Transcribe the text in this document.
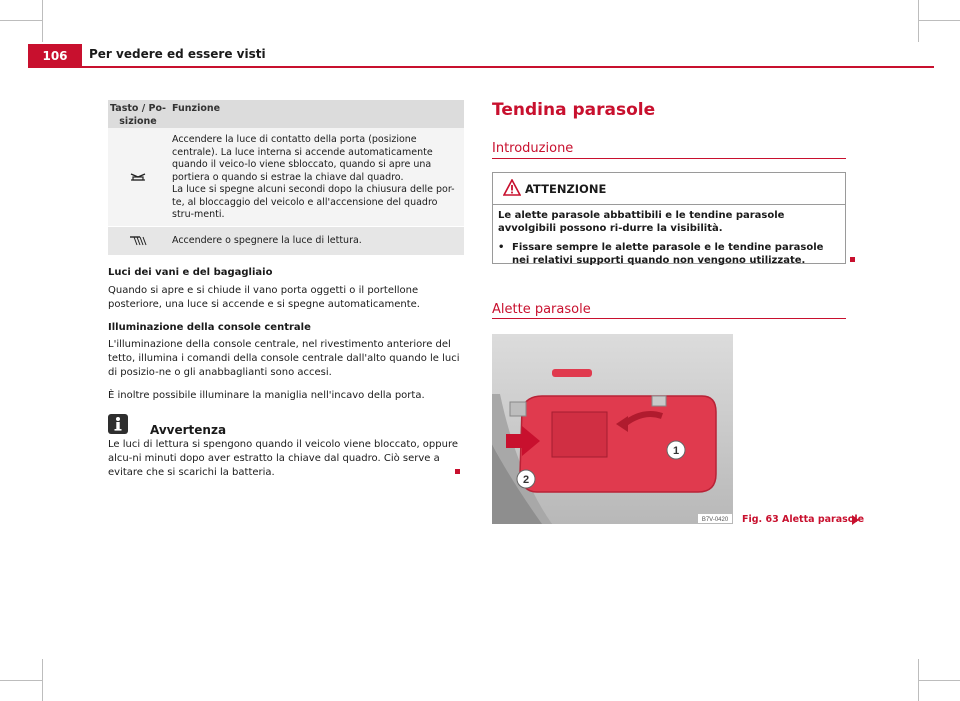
106	Per vedere ed essere visti
Tasto / Po-
sizione
Funzione
Accendere la luce di contatto della porta (posizione centrale). La luce interna si accende automaticamente quando il veico-lo viene sbloccato, quando si apre una portiera o quando si estrae la chiave dal quadro.
La luce si spegne alcuni secondi dopo la chiusura delle por-te, al bloccaggio del veicolo e all'accensione del quadro stru-menti.
Accendere o spegnere la luce di lettura.
Luci dei vani e del bagagliaio
Quando si apre e si chiude il vano porta oggetti o il portellone posteriore, una luce si accende e si spegne automaticamente.
Illuminazione della console centrale
L'illuminazione della console centrale, nel rivestimento anteriore del tetto, illumina i comandi della console centrale dall'alto quando le luci di posizio-ne o gli anabbaglianti sono accesi.
È inoltre possibile illuminare la maniglia nell'incavo della porta.
Avvertenza
Le luci di lettura si spengono quando il veicolo viene bloccato, oppure alcu-ni minuti dopo aver estratto la chiave dal quadro. Ciò serve a evitare che si scarichi la batteria.
Tendina parasole
Introduzione
ATTENZIONE

Le alette parasole abbattibili e le tendine parasole avvolgibili possono ri-durre la visibilità.

• Fissare sempre le alette parasole e le tendine parasole nei relativi supporti quando non vengono utilizzate.

Alette parasole
1
2
B7V-0420 Fig. 63 Aletta parasole
